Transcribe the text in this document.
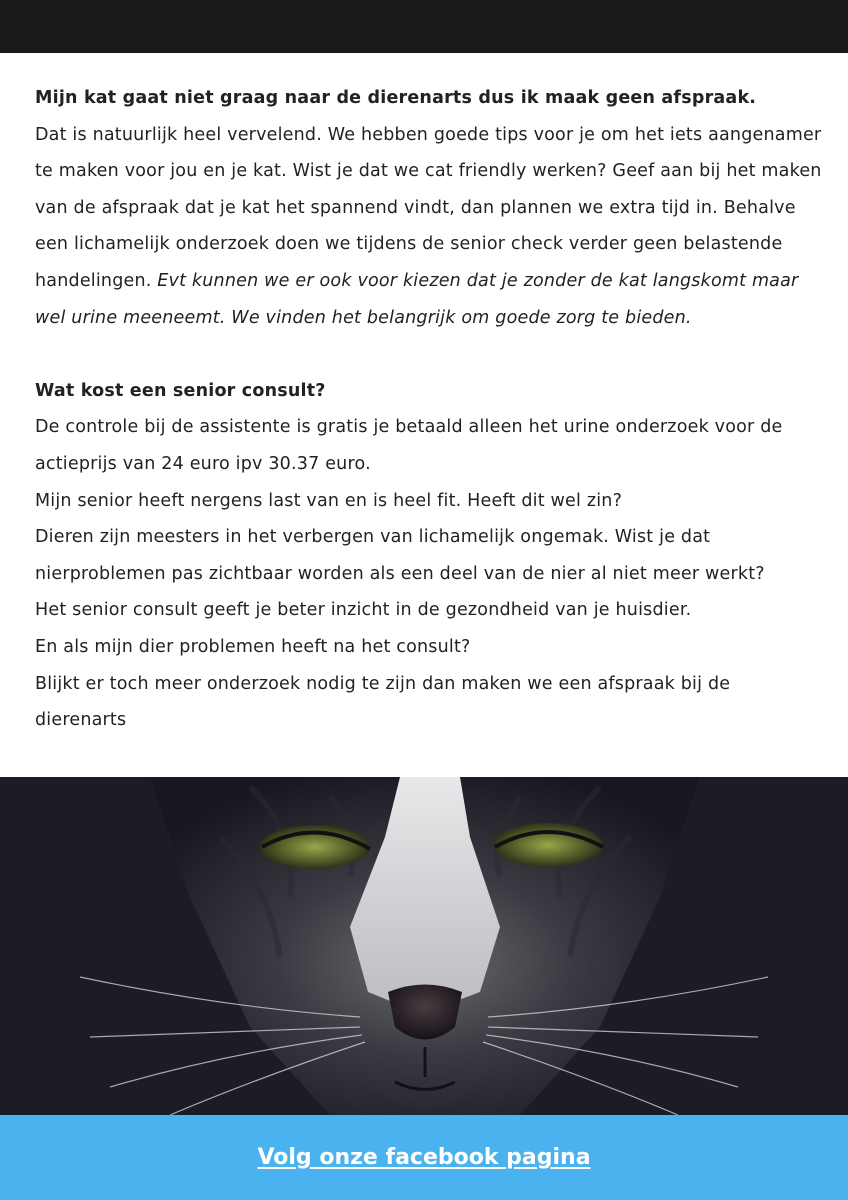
Mijn kat gaat niet graag naar de dierenarts dus ik maak geen afspraak.

Dat is natuurlijk heel vervelend. We hebben goede tips voor je om het iets aangenamer te maken voor jou en je kat. Wist je dat we cat friendly werken? Geef aan bij het maken van de afspraak dat je kat het spannend vindt, dan plannen we extra tijd in. Behalve een lichamelijk onderzoek doen we tijdens de senior check verder geen belastende handelingen. Evt kunnen we er ook voor kiezen dat je zonder de kat langskomt maar wel urine meeneemt. We vinden het belangrijk om goede zorg te bieden.

Wat kost een senior consult?

De controle bij de assistente is gratis je betaald alleen het urine onderzoek voor de actieprijs van 24 euro ipv 30.37 euro.

Mijn senior heeft nergens last van en is heel fit. Heeft dit wel zin?

Dieren zijn meesters in het verbergen van lichamelijk ongemak. Wist je dat nierproblemen pas zichtbaar worden als een deel van de nier al niet meer werkt?

Het senior consult geeft je beter inzicht in de gezondheid van je huisdier.

En als mijn dier problemen heeft na het consult?

Blijkt er toch meer onderzoek nodig te zijn dan maken we een afspraak bij de dierenarts

Volg onze facebook pagina
